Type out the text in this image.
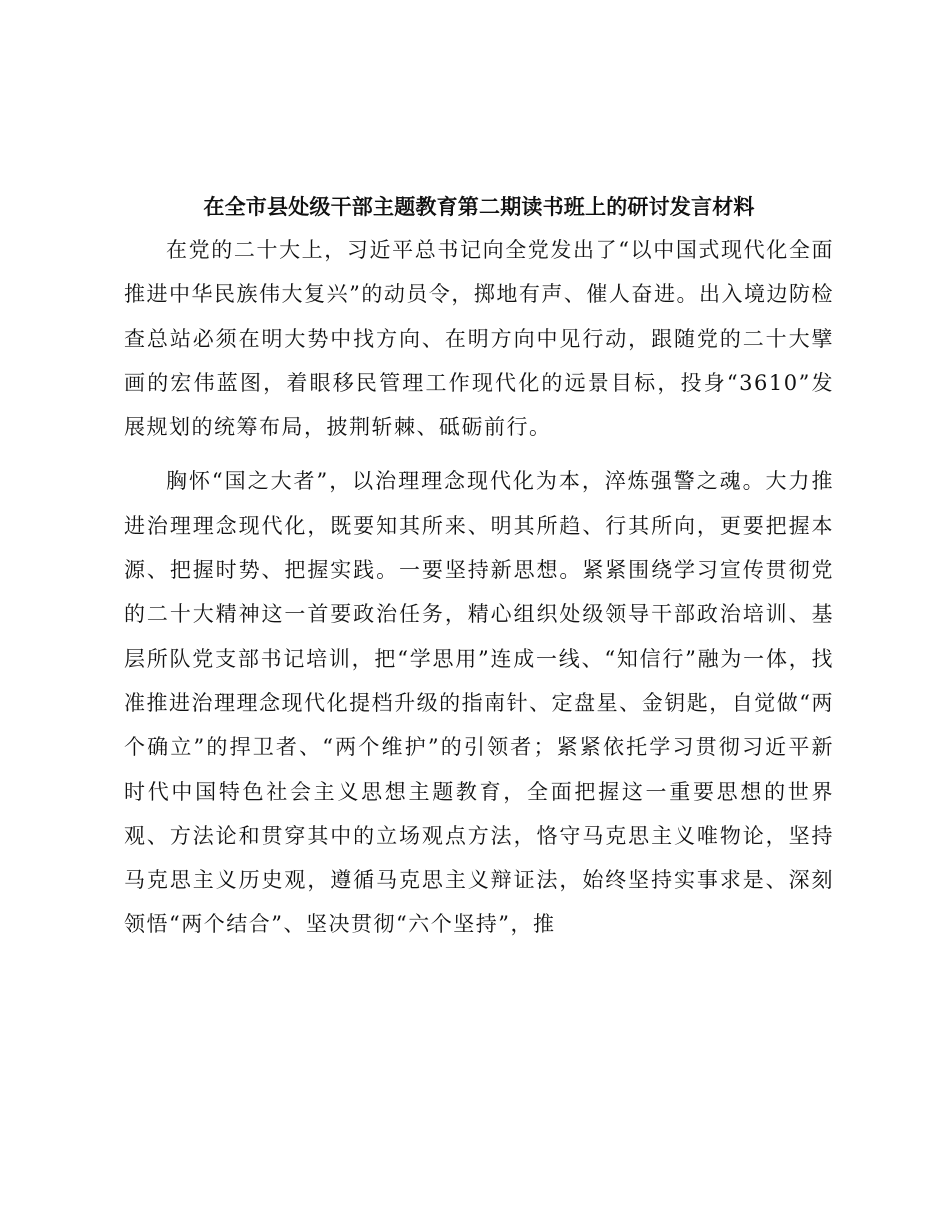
在全市县处级干部主题教育第二期读书班上的研讨发言材料

在党的二十大上，习近平总书记向全党发出了“以中国式现代化全面推进中华民族伟大复兴”的动员令，掷地有声、催人奋进。出入境边防检查总站必须在明大势中找方向、在明方向中见行动，跟随党的二十大擘画的宏伟蓝图，着眼移民管理工作现代化的远景目标，投身“3610”发展规划的统筹布局，披荆斩棘、砥砺前行。

胸怀“国之大者”，以治理理念现代化为本，淬炼强警之魂。大力推进治理理念现代化，既要知其所来、明其所趋、行其所向，更要把握本源、把握时势、把握实践。一要坚持新思想。紧紧围绕学习宣传贯彻党的二十大精神这一首要政治任务，精心组织处级领导干部政治培训、基层所队党支部书记培训，把“学思用”连成一线、“知信行”融为一体，找准推进治理理念现代化提档升级的指南针、定盘星、金钥匙，自觉做“两个确立”的捍卫者、“两个维护”的引领者；紧紧依托学习贯彻习近平新时代中国特色社会主义思想主题教育，全面把握这一重要思想的世界观、方法论和贯穿其中的立场观点方法，恪守马克思主义唯物论，坚持马克思主义历史观，遵循马克思主义辩证法，始终坚持实事求是、深刻领悟“两个结合”、坚决贯彻“六个坚持”，推
